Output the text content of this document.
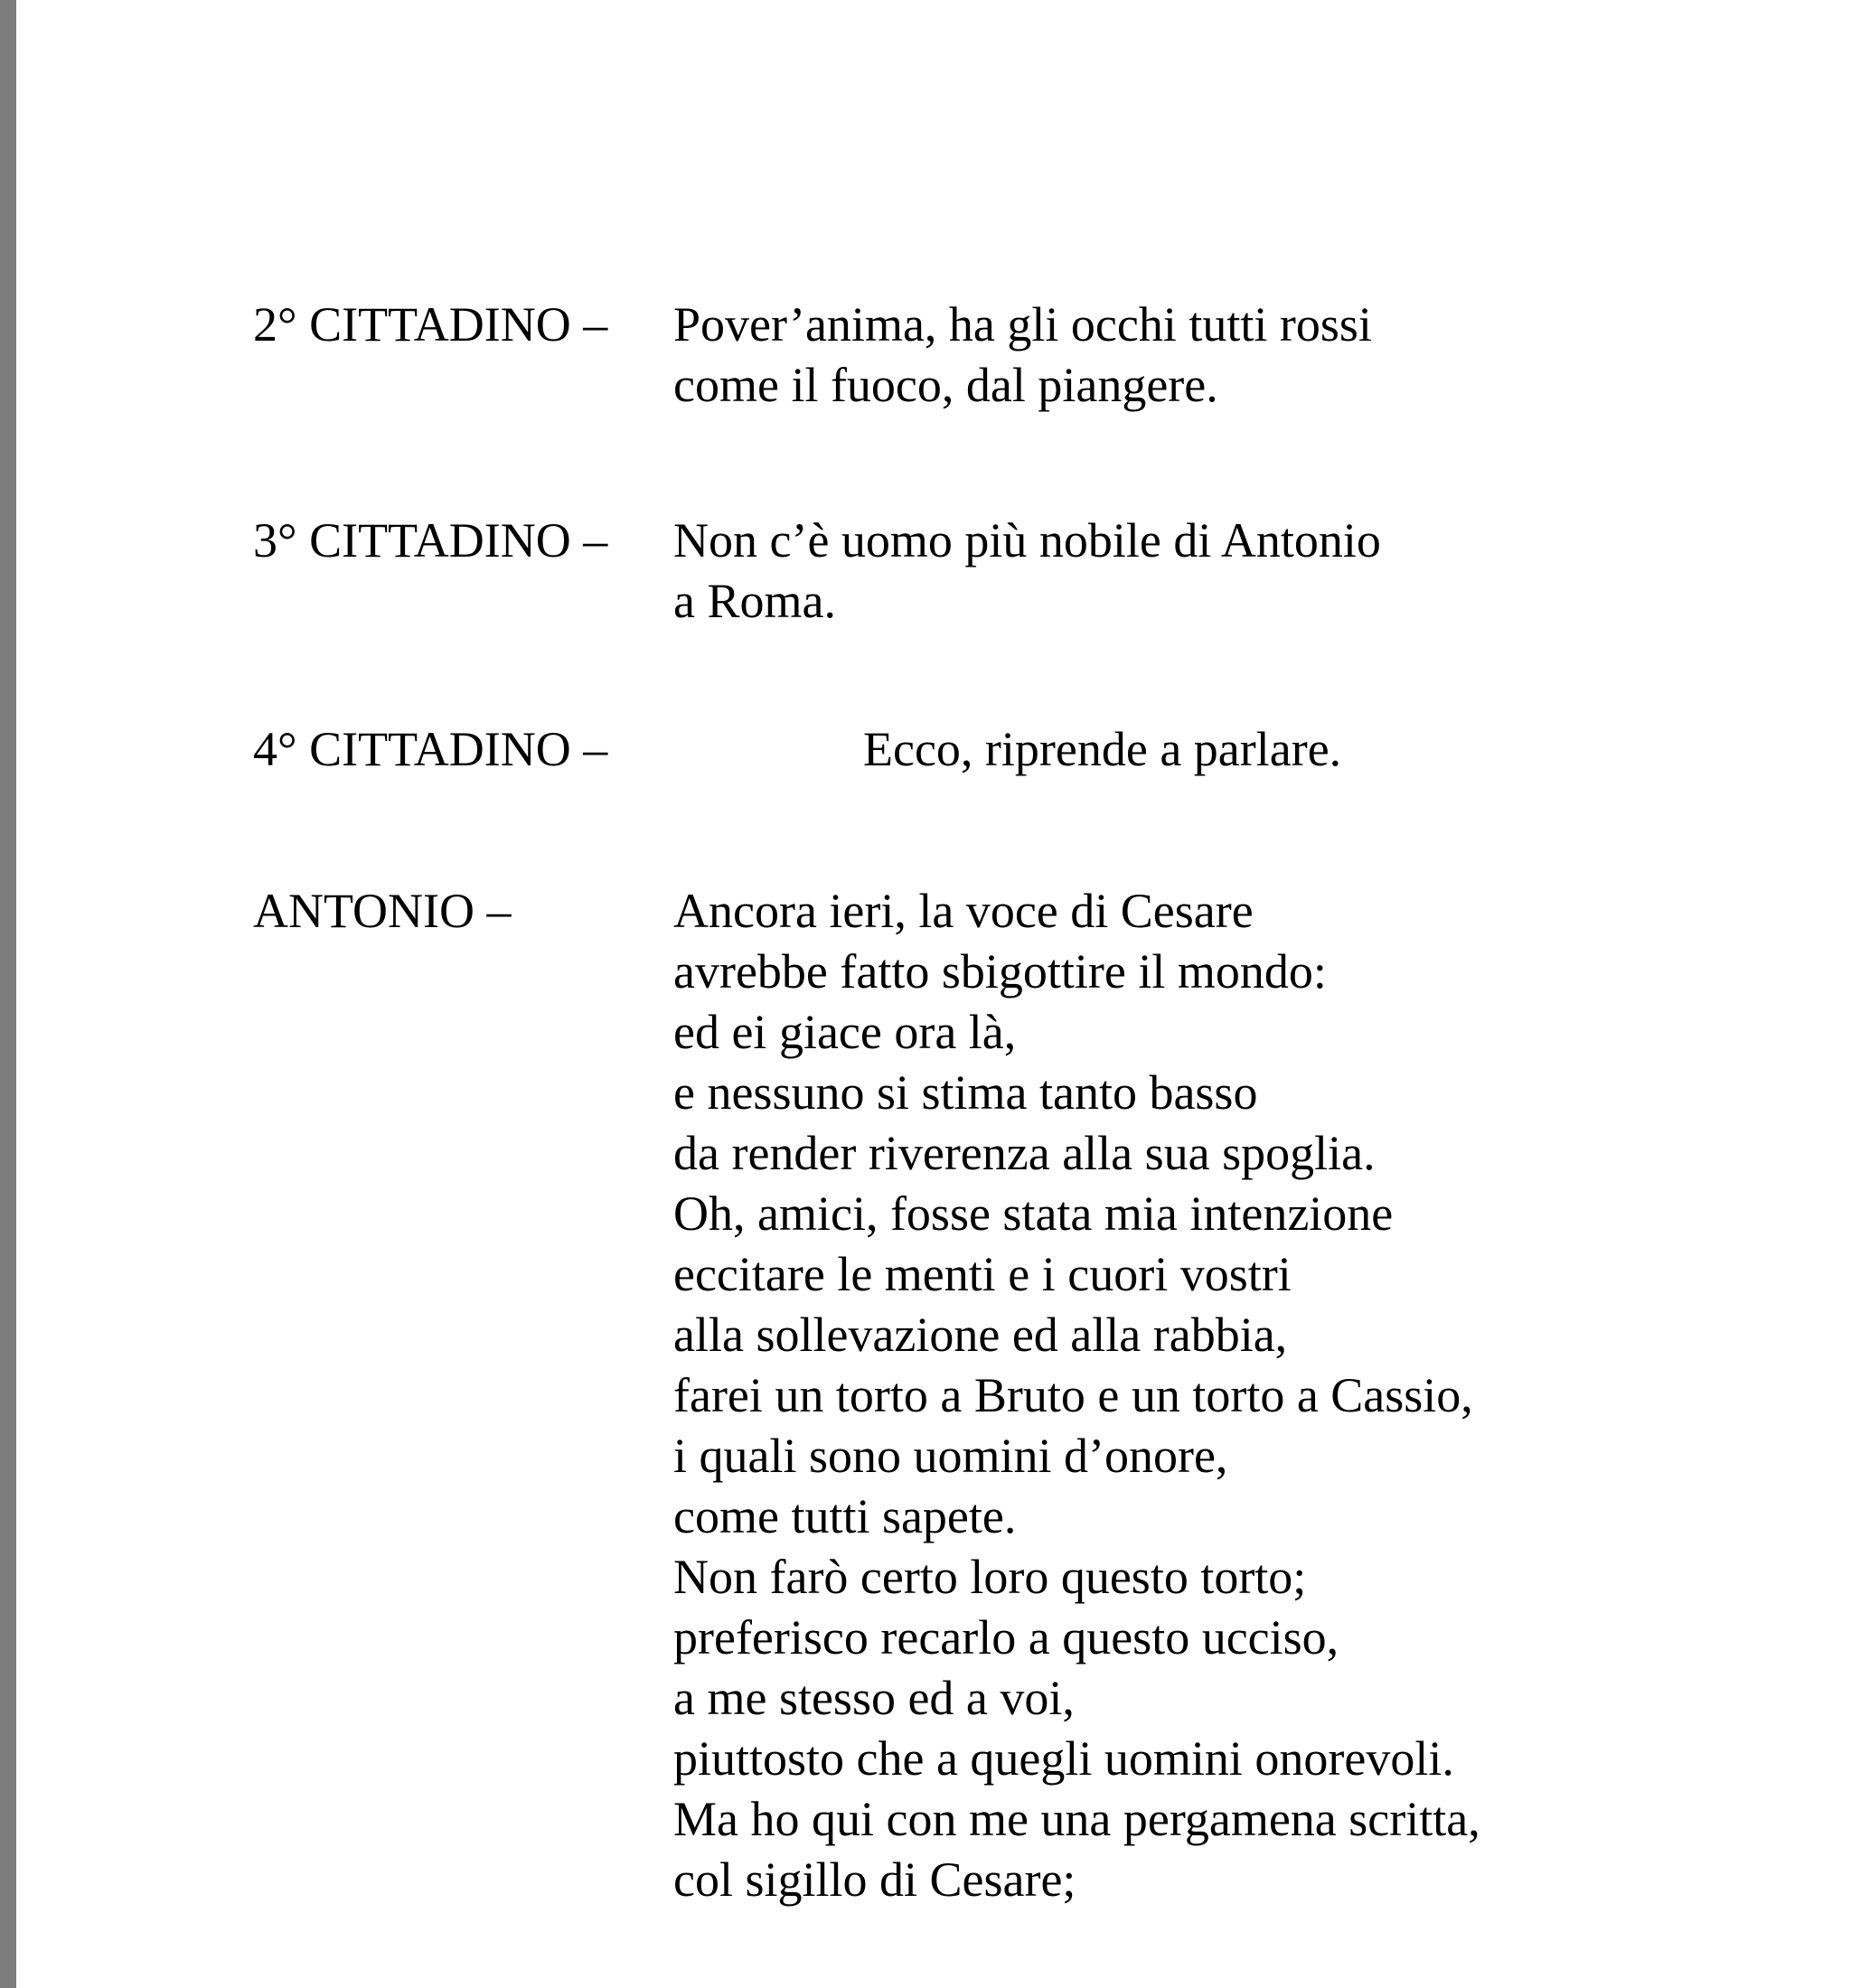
2° CITTADINO –	Pover’anima, ha gli occhi tutti rossi
come il fuoco, dal piangere.
3° CITTADINO –	Non c’è uomo più nobile di Antonio
a Roma.
4° CITTADINO –	Ecco, riprende a parlare.
ANTONIO –	Ancora ieri, la voce di Cesare
avrebbe fatto sbigottire il mondo:
ed ei giace ora là,
e nessuno si stima tanto basso
da render riverenza alla sua spoglia.
Oh, amici, fosse stata mia intenzione
eccitare le menti e i cuori vostri
alla sollevazione ed alla rabbia,
farei un torto a Bruto e un torto a Cassio,
i quali sono uomini d’onore,
come tutti sapete.
Non farò certo loro questo torto;
preferisco recarlo a questo ucciso,
a me stesso ed a voi,
piuttosto che a quegli uomini onorevoli.
Ma ho qui con me una pergamena scritta,
col sigillo di Cesare;
